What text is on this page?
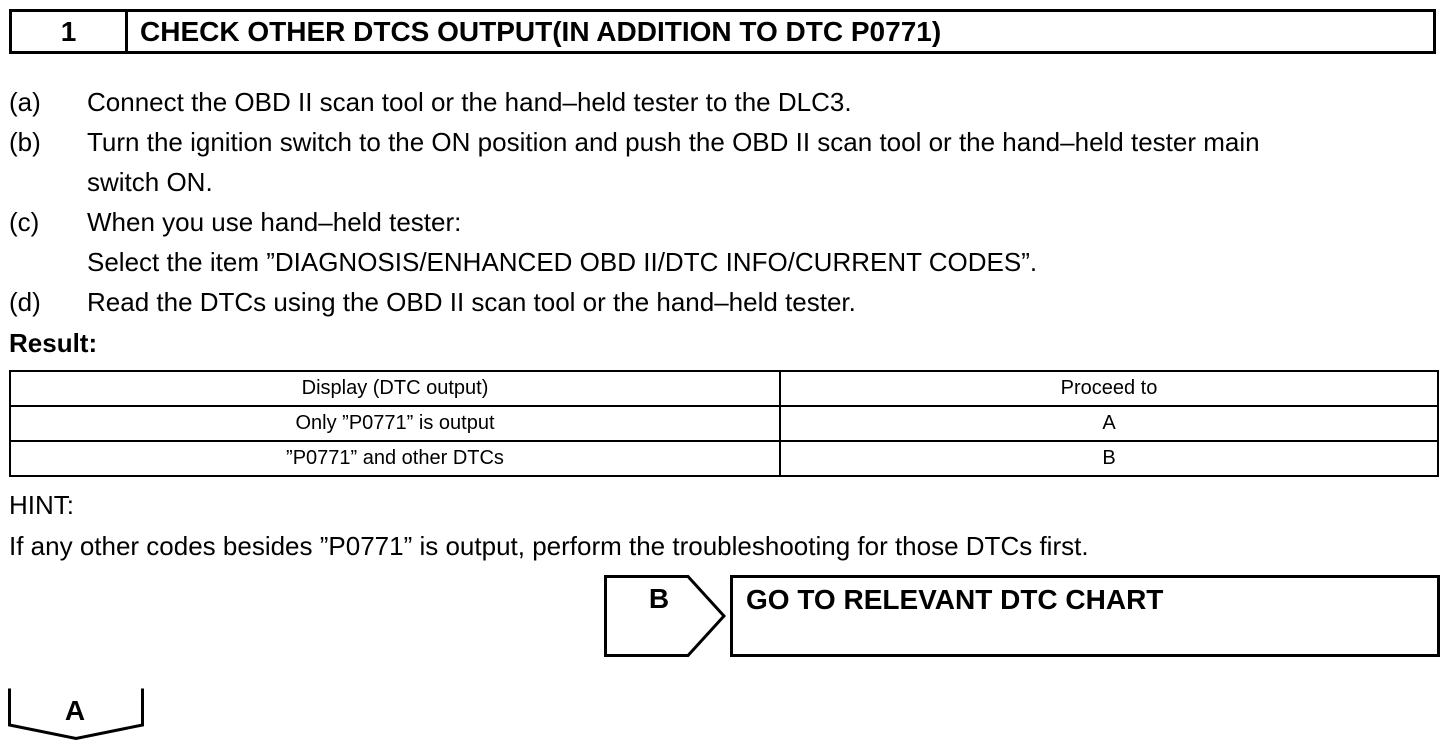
1	CHECK OTHER DTCS OUTPUT(IN ADDITION TO DTC P0771)
(a)	Connect the OBD II scan tool or the hand–held tester to the DLC3.
(b)	Turn the ignition switch to the ON position and push the OBD II scan tool or the hand–held tester main
switch ON.
(c)	When you use hand–held tester:
Select the item ”DIAGNOSIS/ENHANCED OBD II/DTC INFO/CURRENT CODES”.
(d)	Read the DTCs using the OBD II scan tool or the hand–held tester.
Result:
Display (DTC output)	Proceed to
Only ”P0771” is output	A
”P0771” and other DTCs	B
HINT:
If any other codes besides ”P0771” is output, perform the troubleshooting for those DTCs first.
B	GO TO RELEVANT DTC CHART
A
